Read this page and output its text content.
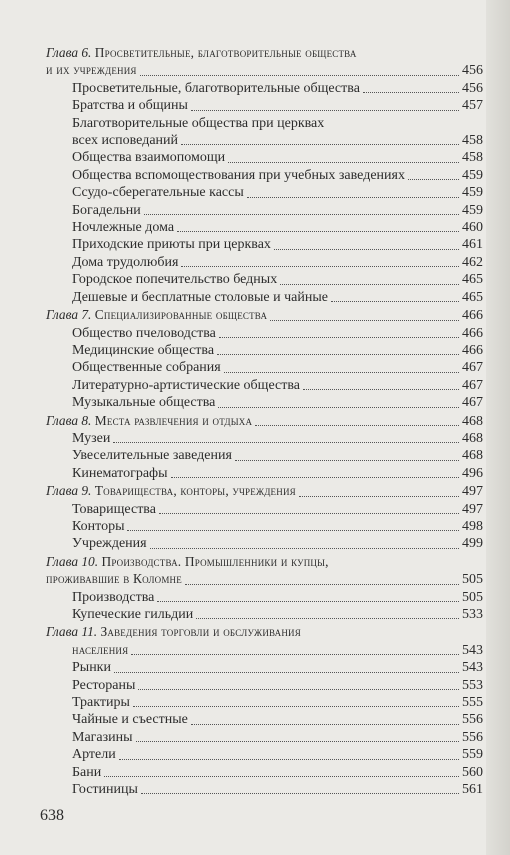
Глава 6. Просветительные, благотворительные общества
и их учреждения	456
Просветительные, благотворительные общества	456
Братства и общины	457
Благотворительные общества при церквах
всех исповеданий	458
Общества взаимопомощи	458
Общества вспомоществования при учебных заведениях	459
Ссудо-сберегательные кассы	459
Богадельни	459
Ночлежные дома	460
Приходские приюты при церквах	461
Дома трудолюбия	462
Городское попечительство бедных	465
Дешевые и бесплатные столовые и чайные	465
Глава 7. Специализированные общества	466
Общество пчеловодства	466
Медицинские общества	466
Общественные собрания	467
Литературно-артистические общества	467
Музыкальные общества	467
Глава 8. Места развлечения и отдыха	468
Музеи	468
Увеселительные заведения	468
Кинематографы	496
Глава 9. Товарищества, конторы, учреждения	497
Товарищества	497
Конторы	498
Учреждения	499
Глава 10. Производства. Промышленники и купцы,
проживавшие в Коломне	505
Производства	505
Купеческие гильдии	533
Глава 11. Заведения торговли и обслуживания
населения	543
Рынки	543
Рестораны	553
Трактиры	555
Чайные и съестные	556
Магазины	556
Артели	559
Бани	560
Гостиницы	561
638
